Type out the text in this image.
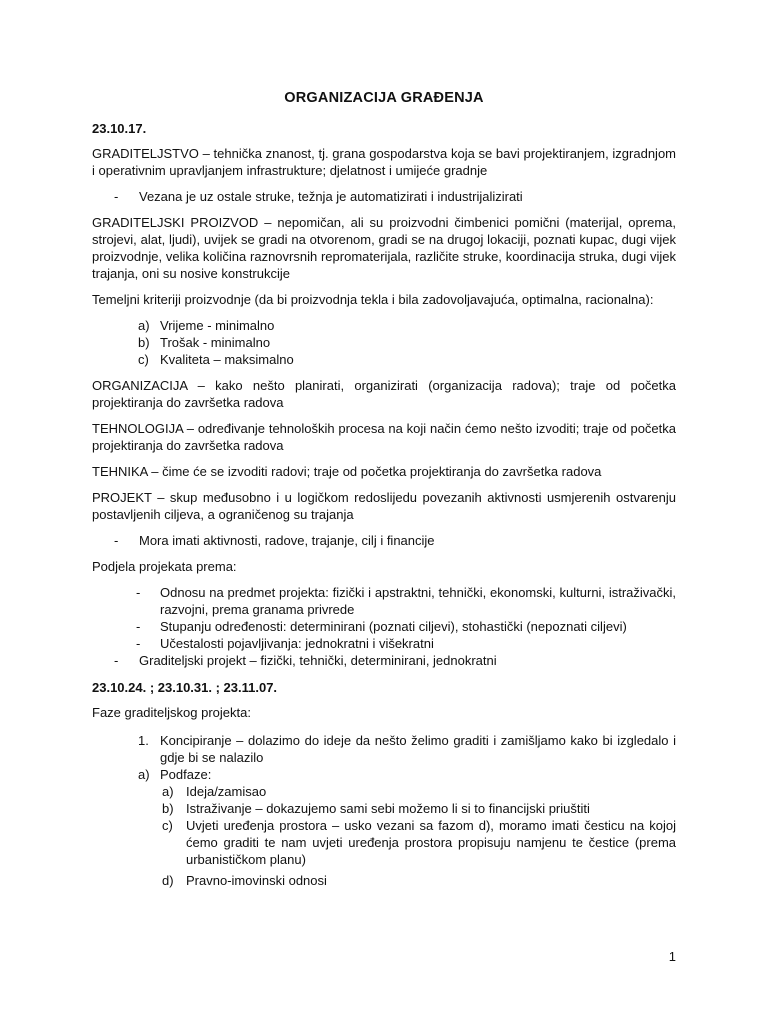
ORGANIZACIJA GRAĐENJA
23.10.17.

GRADITELJSTVO – tehnička znanost, tj. grana gospodarstva koja se bavi projektiranjem, izgradnjom i operativnim upravljanjem infrastrukture; djelatnost i umijeće gradnje

- Vezana je uz ostale struke, težnja je automatizirati i industrijalizirati

GRADITELJSKI PROIZVOD – nepomičan, ali su proizvodni čimbenici pomični (materijal, oprema, strojevi, alat, ljudi), uvijek se gradi na otvorenom, gradi se na drugoj lokaciji, poznati kupac, dugi vijek proizvodnje, velika količina raznovrsnih repromaterijala, različite struke, koordinacija struka, dugi vijek trajanja, oni su nosive konstrukcije

Temeljni kriteriji proizvodnje (da bi proizvodnja tekla i bila zadovoljavajuća, optimalna, racionalna):

a) Vrijeme - minimalno
b) Trošak - minimalno
c) Kvaliteta – maksimalno

ORGANIZACIJA – kako nešto planirati, organizirati (organizacija radova); traje od početka projektiranja do završetka radova

TEHNOLOGIJA – određivanje tehnoloških procesa na koji način ćemo nešto izvoditi; traje od početka projektiranja do završetka radova

TEHNIKA – čime će se izvoditi radovi; traje od početka projektiranja do završetka radova

PROJEKT – skup međusobno i u logičkom redoslijedu povezanih aktivnosti usmjerenih ostvarenju postavljenih ciljeva, a ograničenog su trajanja

- Mora imati aktivnosti, radove, trajanje, cilj i financije

Podjela projekata prema:

- Odnosu na predmet projekta: fizički i apstraktni, tehnički, ekonomski, kulturni, istraživački, razvojni, prema granama privrede
- Stupanju određenosti: determinirani (poznati ciljevi), stohastički (nepoznati ciljevi)
- Učestalosti pojavljivanja: jednokratni i višekratni
- Graditeljski projekt – fizički, tehnički, determinirani, jednokratni
23.10.24. ; 23.10.31. ; 23.11.07.

Faze graditeljskog projekta:

1. Koncipiranje – dolazimo do ideje da nešto želimo graditi i zamišljamo kako bi izgledalo i gdje bi se nalazilo
a) Podfaze:
a) Ideja/zamisao
b) Istraživanje – dokazujemo sami sebi možemo li si to financijski priuštiti
c) Uvjeti uređenja prostora – usko vezani sa fazom d), moramo imati česticu na kojoj ćemo graditi te nam uvjeti uređenja prostora propisuju namjenu te čestice (prema urbanističkom planu)
d) Pravno-imovinski odnosi
1
